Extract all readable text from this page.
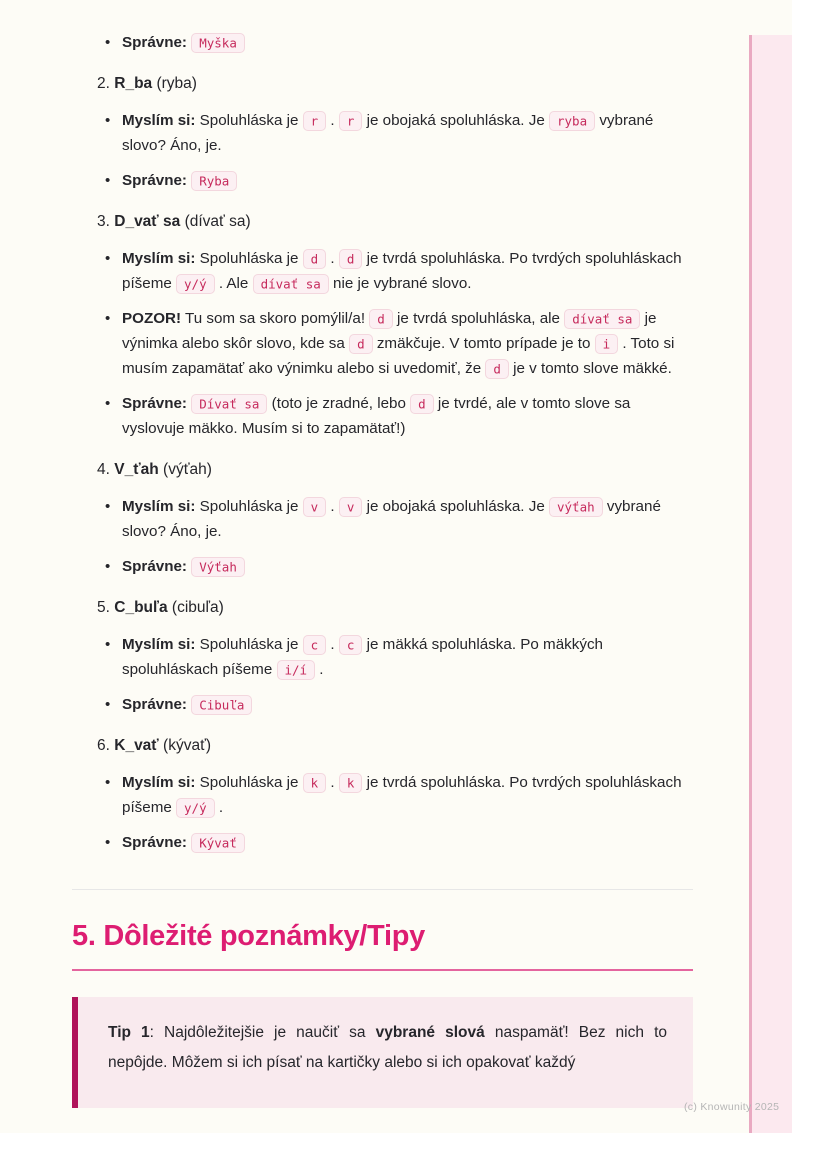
• Správne: Myška

2. R_ba (ryba)
• Myslím si: Spoluhláska je r . r je obojaká spoluhláska. Je ryba vybrané slovo? Áno, je.

• Správne: Ryba

3. D_vať sa (dívať sa)
• Myslím si: Spoluhláska je d . d je tvrdá spoluhláska. Po tvrdých spoluhláskach píšeme y/ý . Ale dívať sa nie je vybrané slovo.

• POZOR! Tu som sa skoro pomýlil/a! d je tvrdá spoluhláska, ale dívať sa je výnimka alebo skôr slovo, kde sa d zmäkčuje. V tomto prípade je to i . Toto si musím zapamätať ako výnimku alebo si uvedomiť, že d je v tomto slove mäkké.

• Správne: Dívať sa (toto je zradné, lebo d je tvrdé, ale v tomto slove sa vyslovuje mäkko. Musím si to zapamätať!)

4. V_ťah (výťah)
• Myslím si: Spoluhláska je v . v je obojaká spoluhláska. Je výťah vybrané slovo? Áno, je.

• Správne: Výťah

5. C_buľa (cibuľa)
• Myslím si: Spoluhláska je c . c je mäkká spoluhláska. Po mäkkých spoluhláskach píšeme i/í .

• Správne: Cibuľa

6. K_vať (kývať)
• Myslím si: Spoluhláska je k . k je tvrdá spoluhláska. Po tvrdých spoluhláskach píšeme y/ý .

• Správne: Kývať

5. Dôležité poznámky/Tipy

Tip 1: Najdôležitejšie je naučiť sa vybrané slová naspamäť! Bez nich to nepôjde. Môžem si ich písať na kartičky alebo si ich opakovať každý

(c) Knowunity 2025
